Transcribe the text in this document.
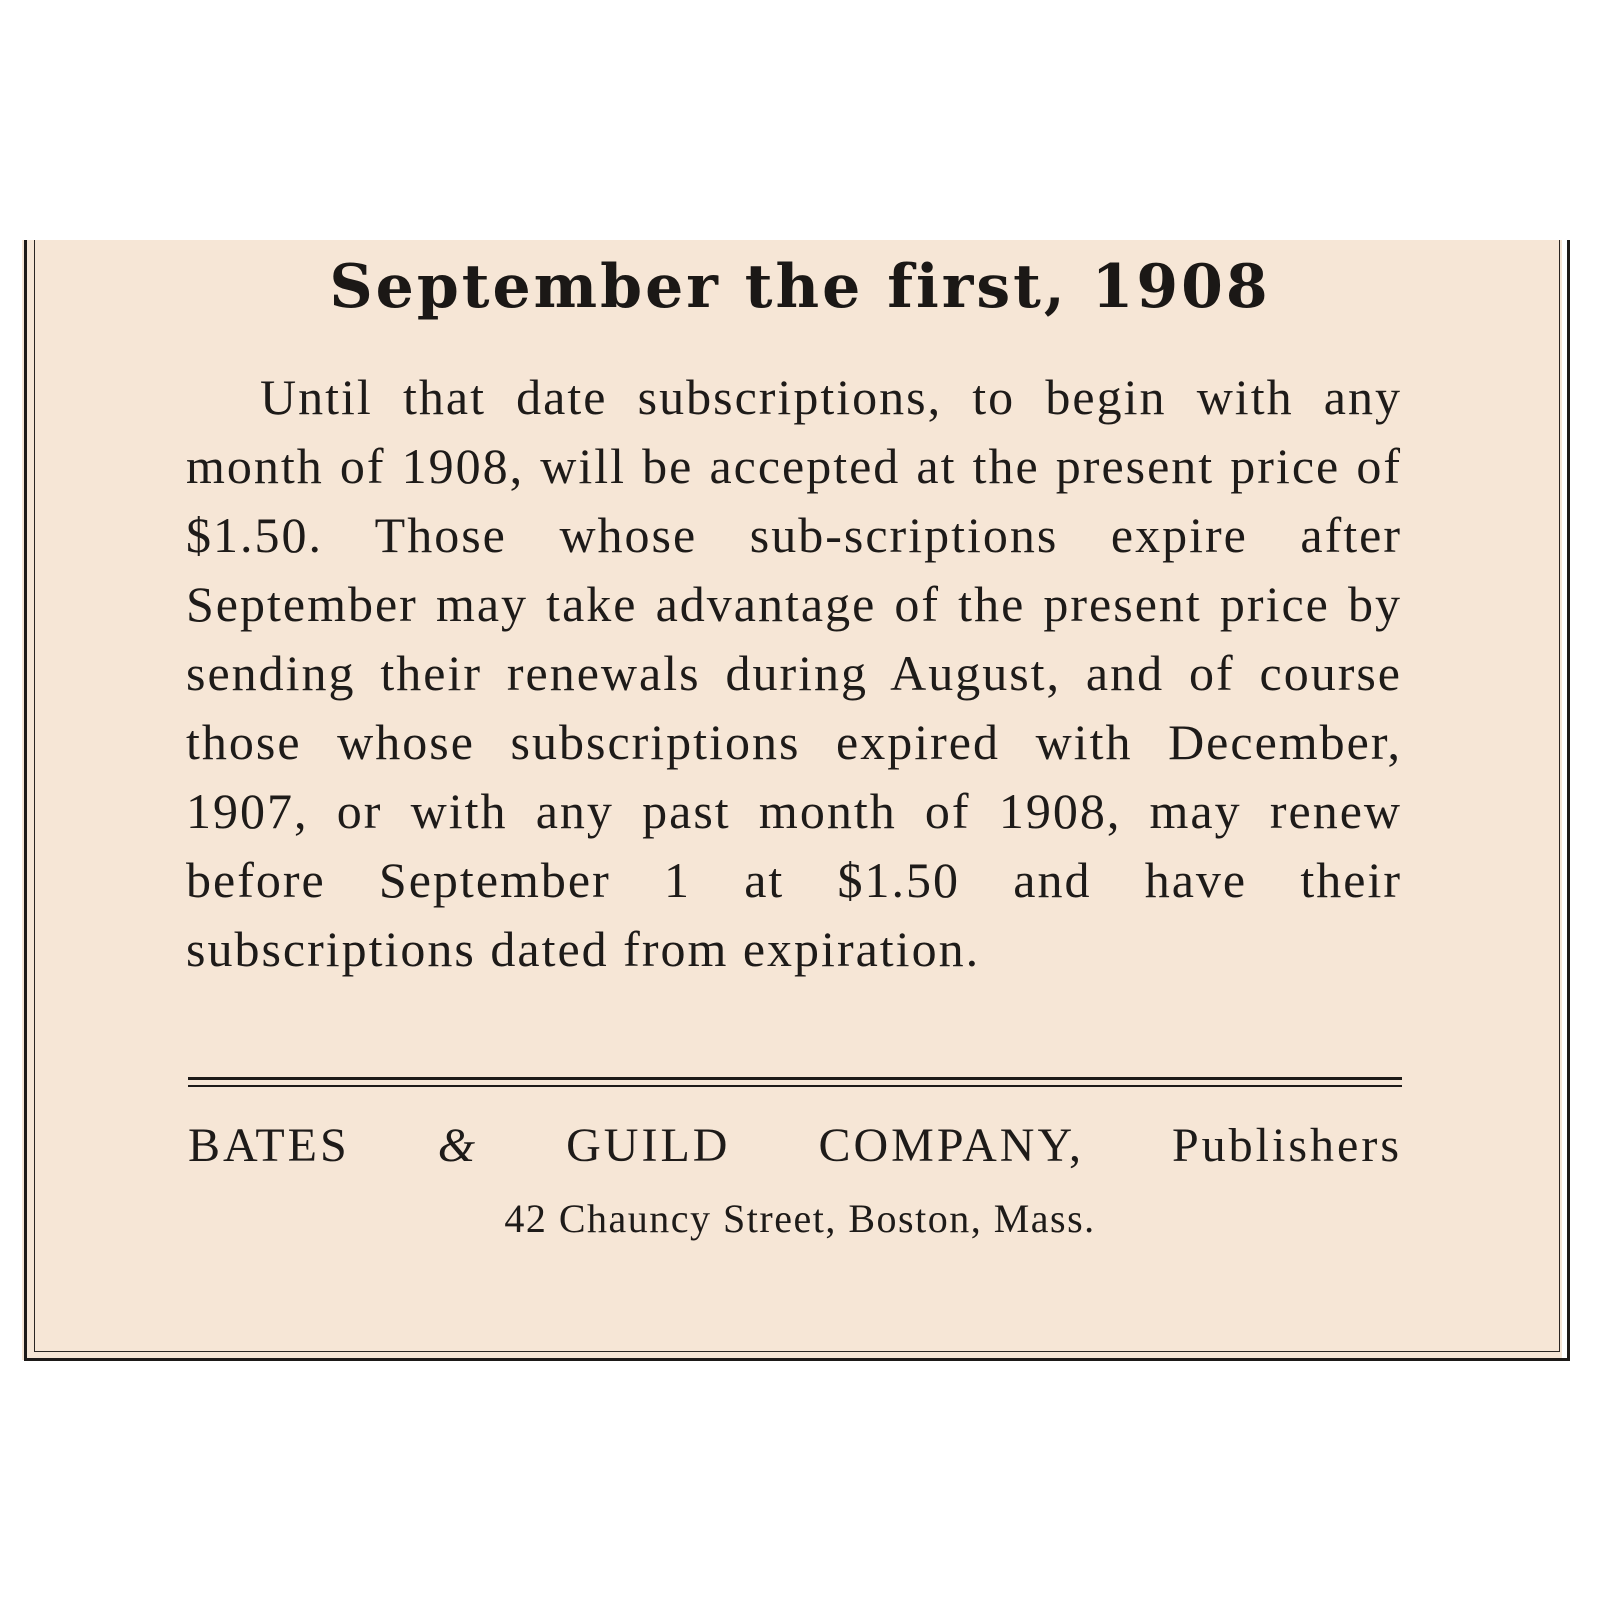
September the first, 1908

Until that date subscriptions, to begin with any month of 1908, will be accepted at the present price of $1.50. Those whose sub-scriptions expire after September may take advantage of the present price by sending their renewals during August, and of course those whose subscriptions expired with December, 1907, or with any past month of 1908, may renew before September 1 at $1.50 and have their subscriptions dated from expiration.

BATES & GUILD COMPANY, Publishers

42 Chauncy Street, Boston, Mass.
